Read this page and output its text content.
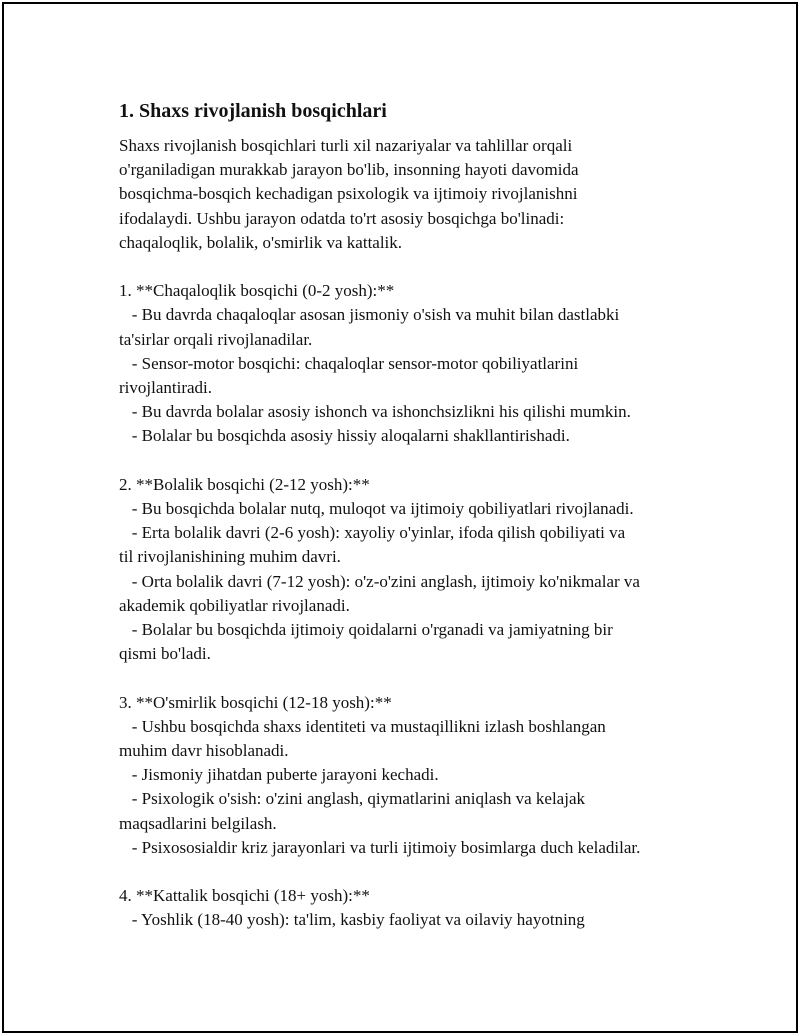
1. Shaxs rivojlanish bosqichlari
Shaxs rivojlanish bosqichlari turli xil nazariyalar va tahlillar orqali
o'rganiladigan murakkab jarayon bo'lib, insonning hayoti davomida
bosqichma-bosqich kechadigan psixologik va ijtimoiy rivojlanishni
ifodalaydi. Ushbu jarayon odatda to'rt asosiy bosqichga bo'linadi:
chaqaloqlik, bolalik, o'smirlik va kattalik.
1. **Chaqaloqlik bosqichi (0-2 yosh):**
- Bu davrda chaqaloqlar asosan jismoniy o'sish va muhit bilan dastlabki
ta'sirlar orqali rivojlanadilar.
- Sensor-motor bosqichi: chaqaloqlar sensor-motor qobiliyatlarini
rivojlantiradi.
- Bu davrda bolalar asosiy ishonch va ishonchsizlikni his qilishi mumkin.
- Bolalar bu bosqichda asosiy hissiy aloqalarni shakllantirishadi.
2. **Bolalik bosqichi (2-12 yosh):**
- Bu bosqichda bolalar nutq, muloqot va ijtimoiy qobiliyatlari rivojlanadi.
- Erta bolalik davri (2-6 yosh): xayoliy o'yinlar, ifoda qilish qobiliyati va
til rivojlanishining muhim davri.
- Orta bolalik davri (7-12 yosh): o'z-o'zini anglash, ijtimoiy ko'nikmalar va
akademik qobiliyatlar rivojlanadi.
- Bolalar bu bosqichda ijtimoiy qoidalarni o'rganadi va jamiyatning bir
qismi bo'ladi.
3. **O'smirlik bosqichi (12-18 yosh):**
- Ushbu bosqichda shaxs identiteti va mustaqillikni izlash boshlangan
muhim davr hisoblanadi.
- Jismoniy jihatdan puberte jarayoni kechadi.
- Psixologik o'sish: o'zini anglash, qiymatlarini aniqlash va kelajak
maqsadlarini belgilash.
- Psixososialdir kriz jarayonlari va turli ijtimoiy bosimlarga duch keladilar.
4. **Kattalik bosqichi (18+ yosh):**
- Yoshlik (18-40 yosh): ta'lim, kasbiy faoliyat va oilaviy hayotning
